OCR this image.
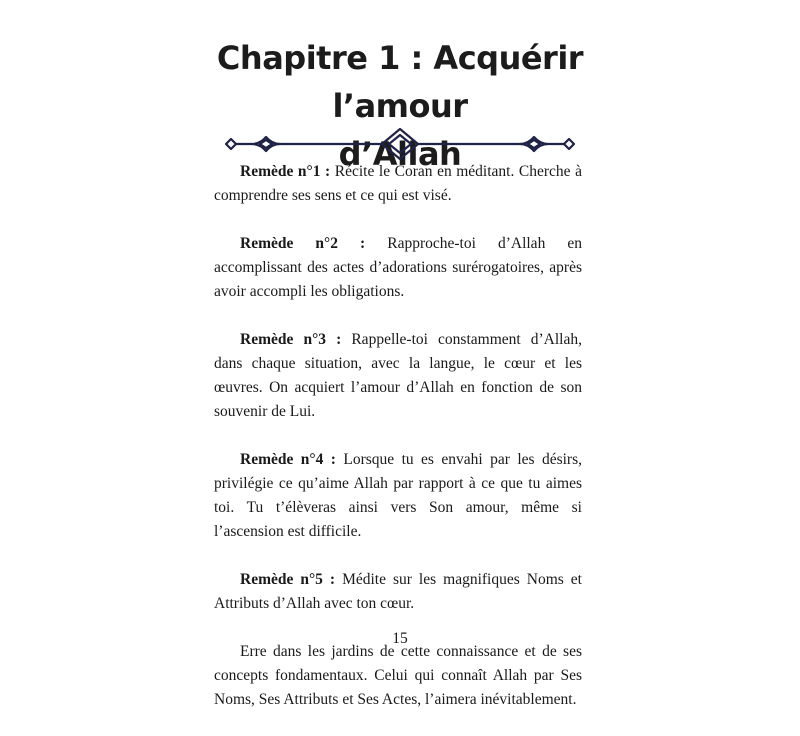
Chapitre 1 : Acquérir l’amour
d’Allah

Remède n°1 : Récite le Coran en méditant. Cherche à comprendre ses sens et ce qui est visé.

Remède n°2 : Rapproche-toi d’Allah en accomplissant des actes d’adorations surérogatoires, après avoir accompli les obligations.

Remède n°3 : Rappelle-toi constamment d’Allah, dans chaque situation, avec la langue, le cœur et les œuvres. On acquiert l’amour d’Allah en fonction de son souvenir de Lui.

Remède n°4 : Lorsque tu es envahi par les désirs, privilégie ce qu’aime Allah par rapport à ce que tu aimes toi. Tu t’élèveras ainsi vers Son amour, même si l’ascension est difficile.

Remède n°5 : Médite sur les magnifiques Noms et Attributs d’Allah avec ton cœur.

Erre dans les jardins de cette connaissance et de ses concepts fondamentaux. Celui qui connaît Allah par Ses Noms, Ses Attributs et Ses Actes, l’aimera inévitablement.

15
